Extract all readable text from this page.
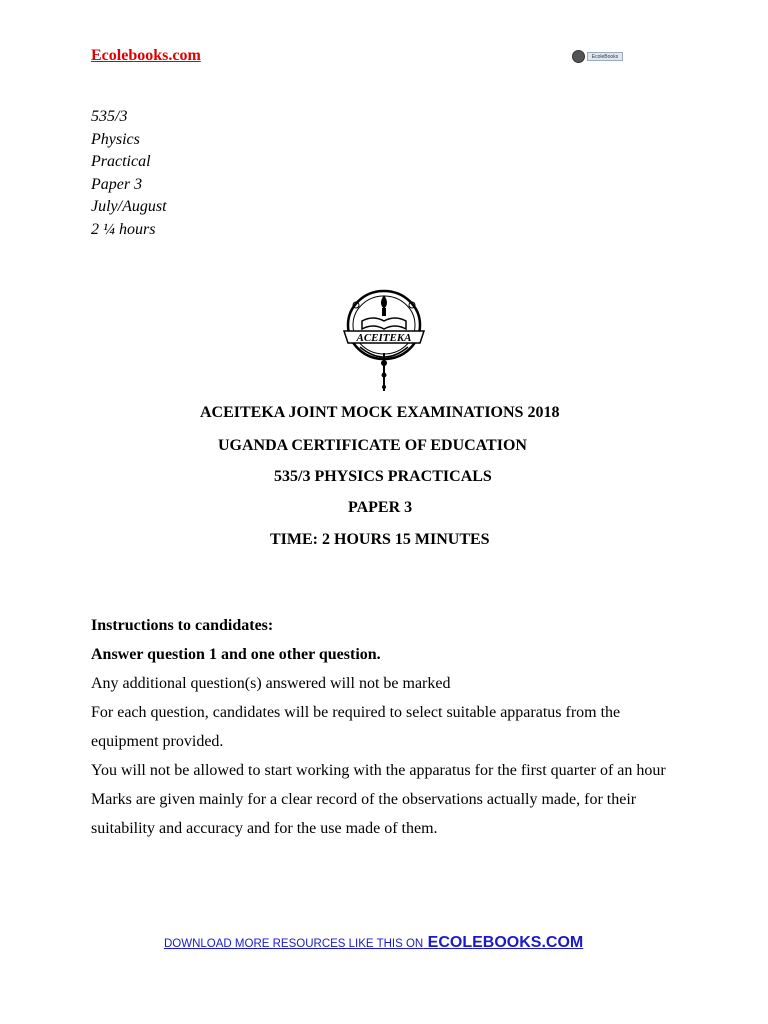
Ecolebooks.com	EcoleBooks
535/3
Physics
Practical
Paper 3
July/August
2 ¼ hours
ACEITEKA
ACEITEKA JOINT MOCK EXAMINATIONS 2018
UGANDA CERTIFICATE OF EDUCATION
535/3 PHYSICS PRACTICALS
PAPER 3
TIME: 2 HOURS 15 MINUTES
Instructions to candidates:
Answer question 1 and one other question.
Any additional question(s) answered will not be marked
For each question, candidates will be required to select suitable apparatus from the
equipment provided.
You will not be allowed to start working with the apparatus for the first quarter of an hour
Marks are given mainly for a clear record of the observations actually made, for their
suitability and accuracy and for the use made of them.
DOWNLOAD MORE RESOURCES LIKE THIS ON ECOLEBOOKS.COM
